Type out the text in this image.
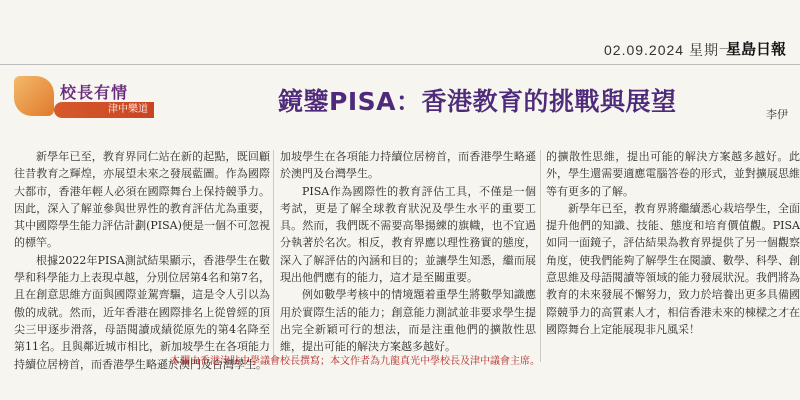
02.09.2024 星期一
星島日報
校長有情
津中樂道	鏡鑒PISA：香港教育的挑戰與展望	李伊

新學年已至，教育界同仁站在新的起點，既回顧往昔教育之輝煌，亦展望未來之發展藍圖。作為國際大都市，香港年輕人必須在國際舞台上保持競爭力。因此，深入了解並參與世界性的教育評估尤為重要，其中國際學生能力評估計劃(PISA)便是一個不可忽視的標竿。

根據2022年PISA測試結果顯示，香港學生在數學和科學能力上表現卓越，分別位居第4名和第7名，且在創意思維方面與國際並駕齊驅，這是令人引以為傲的成就。然而，近年香港在國際排名上從曾經的頂尖三甲逐步滑落，母語閱讀成績從原先的第4名降至第11名。且與鄰近城市相比，新加坡學生在各項能力持續位居榜首，而香港學生略遜於澳門及台灣學生。

加坡學生在各項能力持續位居榜首，而香港學生略遜於澳門及台灣學生。

PISA作為國際性的教育評估工具，不僅是一個考試，更是了解全球教育狀況及學生水平的重要工具。然而，我們既不需要高舉揚練的旗幟，也不宜過分執著於名次。相反，教育界應以理性務實的態度，深入了解評估的內涵和目的；並讓學生知悉，繼而展現出他們應有的能力，這才是至關重要。

例如數學考核中的情境題着重學生將數學知識應用於實際生活的能力；創意能力測試並非要求學生提出完全新穎可行的想法，而是注重他們的擴散性思維，提出可能的解決方案越多越好。

的擴散性思維，提出可能的解決方案越多越好。此外，學生還需要適應電腦答卷的形式，並對擴展思維等有更多的了解。

新學年已至，教育界將繼續悉心栽培學生，全面提升他們的知識、技能、態度和培育價值觀。PISA如同一面鏡子，評估結果為教育界提供了另一個觀察角度，使我們能夠了解學生在閱讀、數學、科學、創意思維及母語閱讀等領域的能力發展狀況。我們將為教育的未來發展不懈努力，致力於培養出更多具備國際競爭力的高質素人才，相信香港未來的棟樑之才在國際舞台上定能展現非凡風采！

本欄由香港津貼中學議會校長撰寫；本文作者為九龍真光中學校長及津中議會主席。
